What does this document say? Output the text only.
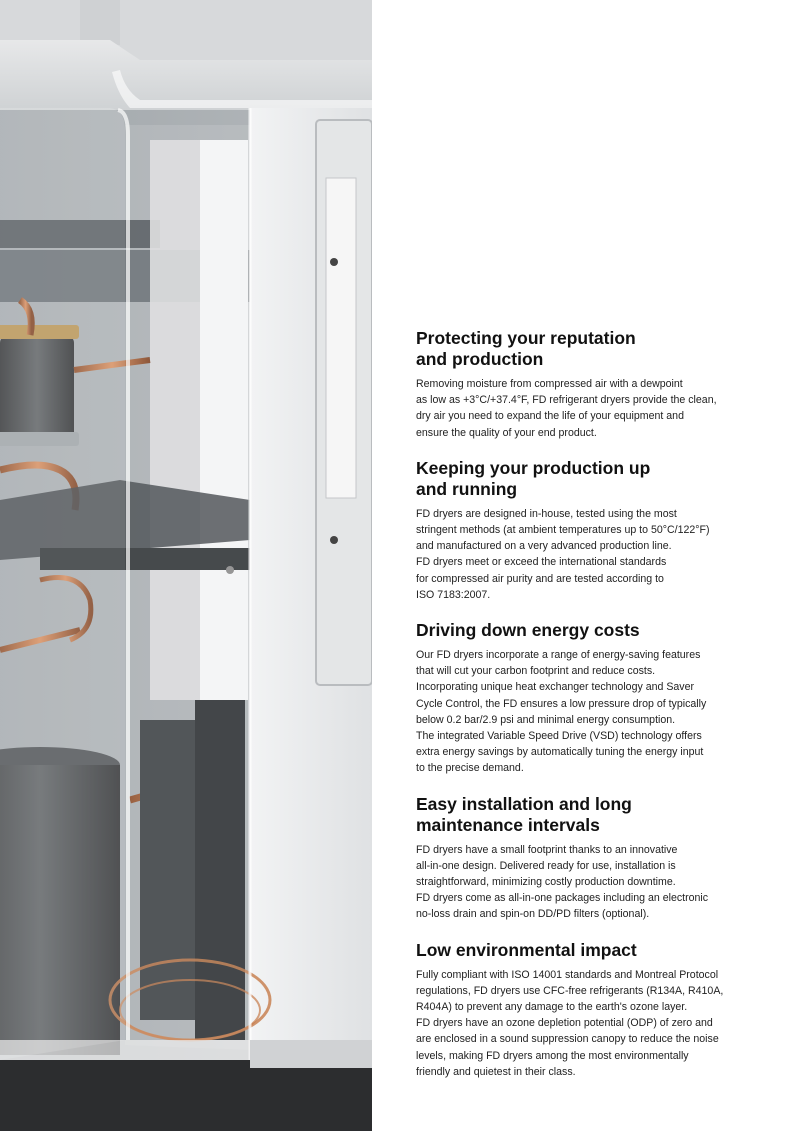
Protecting your reputation
and production

Removing moisture from compressed air with a dewpoint
as low as +3°C/+37.4°F, FD refrigerant dryers provide the clean,
dry air you need to expand the life of your equipment and
ensure the quality of your end product.

Keeping your production up
and running

FD dryers are designed in-house, tested using the most
stringent methods (at ambient temperatures up to 50°C/122°F)
and manufactured on a very advanced production line.
FD dryers meet or exceed the international standards
for compressed air purity and are tested according to
ISO 7183:2007.

Driving down energy costs

Our FD dryers incorporate a range of energy-saving features
that will cut your carbon footprint and reduce costs.
Incorporating unique heat exchanger technology and Saver
Cycle Control, the FD ensures a low pressure drop of typically
below 0.2 bar/2.9 psi and minimal energy consumption.
The integrated Variable Speed Drive (VSD) technology offers
extra energy savings by automatically tuning the energy input
to the precise demand.

Easy installation and long
maintenance intervals

FD dryers have a small footprint thanks to an innovative
all-in-one design. Delivered ready for use, installation is
straightforward, minimizing costly production downtime.
FD dryers come as all-in-one packages including an electronic
no-loss drain and spin-on DD/PD filters (optional).

Low environmental impact

Fully compliant with ISO 14001 standards and Montreal Protocol
regulations, FD dryers use CFC-free refrigerants (R134A, R410A,
R404A) to prevent any damage to the earth's ozone layer.
FD dryers have an ozone depletion potential (ODP) of zero and
are enclosed in a sound suppression canopy to reduce the noise
levels, making FD dryers among the most environmentally
friendly and quietest in their class.
